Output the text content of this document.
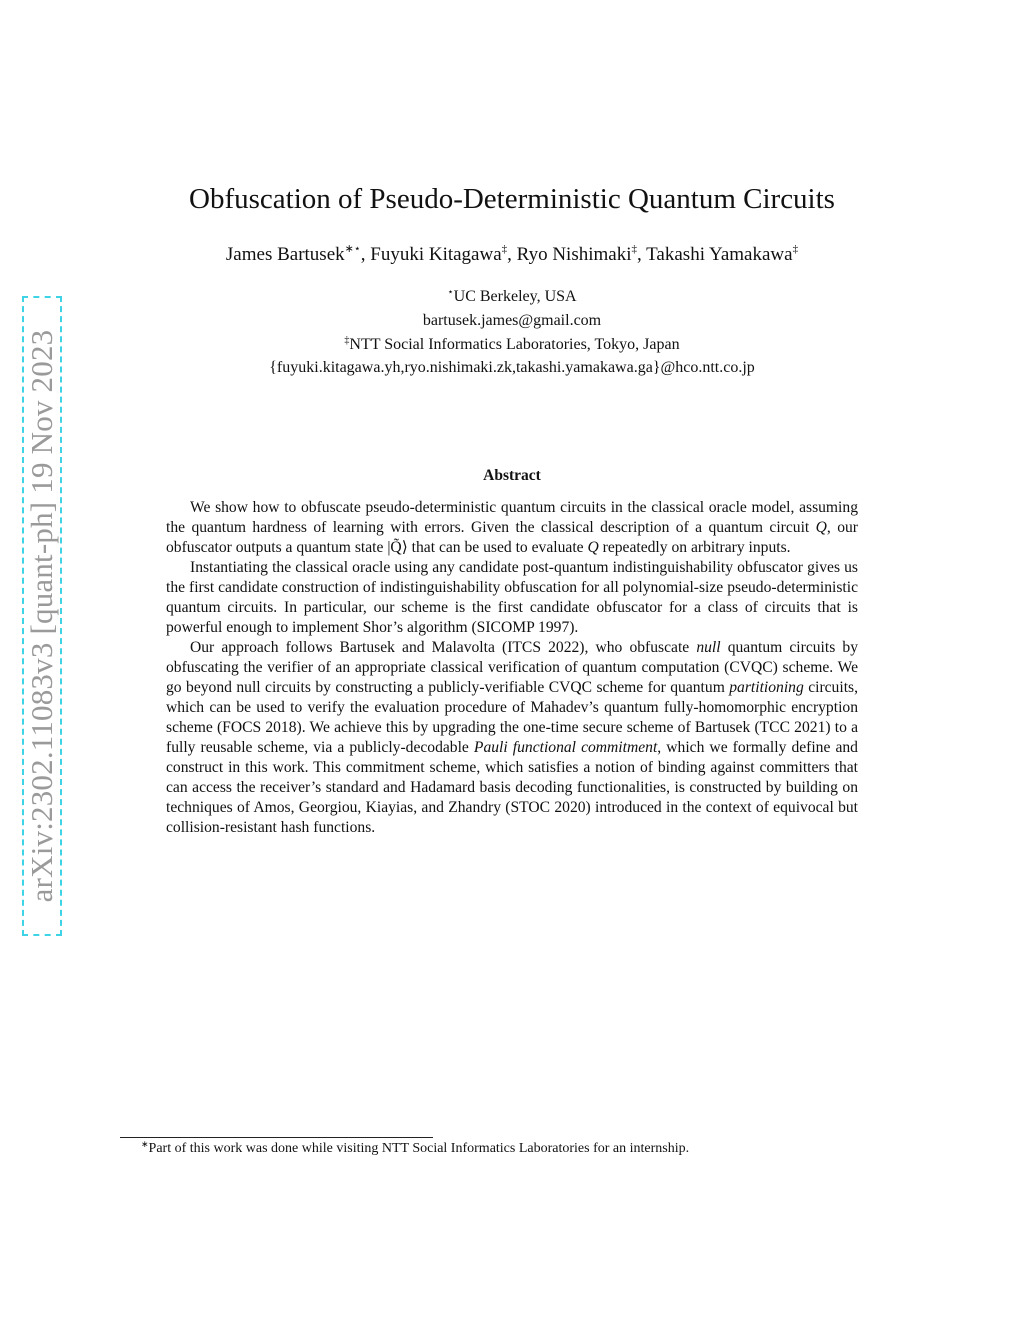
arXiv:2302.11083v3 [quant-ph] 19 Nov 2023
Obfuscation of Pseudo-Deterministic Quantum Circuits
James Bartusek∗⋆, Fuyuki Kitagawa‡, Ryo Nishimaki‡, Takashi Yamakawa‡
⋆UC Berkeley, USA
bartusek.james@gmail.com
‡NTT Social Informatics Laboratories, Tokyo, Japan
{fuyuki.kitagawa.yh,ryo.nishimaki.zk,takashi.yamakawa.ga}@hco.ntt.co.jp
Abstract

We show how to obfuscate pseudo-deterministic quantum circuits in the classical oracle model, assuming the quantum hardness of learning with errors. Given the classical description of a quantum circuit Q, our obfuscator outputs a quantum state |Q̃⟩ that can be used to evaluate Q repeatedly on arbitrary inputs.

Instantiating the classical oracle using any candidate post-quantum indistinguishability obfuscator gives us the first candidate construction of indistinguishability obfuscation for all polynomial-size pseudo-deterministic quantum circuits. In particular, our scheme is the first candidate obfuscator for a class of circuits that is powerful enough to implement Shor’s algorithm (SICOMP 1997).

Our approach follows Bartusek and Malavolta (ITCS 2022), who obfuscate null quantum circuits by obfuscating the verifier of an appropriate classical verification of quantum computation (CVQC) scheme. We go beyond null circuits by constructing a publicly-verifiable CVQC scheme for quantum partitioning circuits, which can be used to verify the evaluation procedure of Mahadev’s quantum fully-homomorphic encryption scheme (FOCS 2018). We achieve this by upgrading the one-time secure scheme of Bartusek (TCC 2021) to a fully reusable scheme, via a publicly-decodable Pauli functional commitment, which we formally define and construct in this work. This commitment scheme, which satisfies a notion of binding against committers that can access the receiver’s standard and Hadamard basis decoding functionalities, is constructed by building on techniques of Amos, Georgiou, Kiayias, and Zhandry (STOC 2020) introduced in the context of equivocal but collision-resistant hash functions.

∗Part of this work was done while visiting NTT Social Informatics Laboratories for an internship.
